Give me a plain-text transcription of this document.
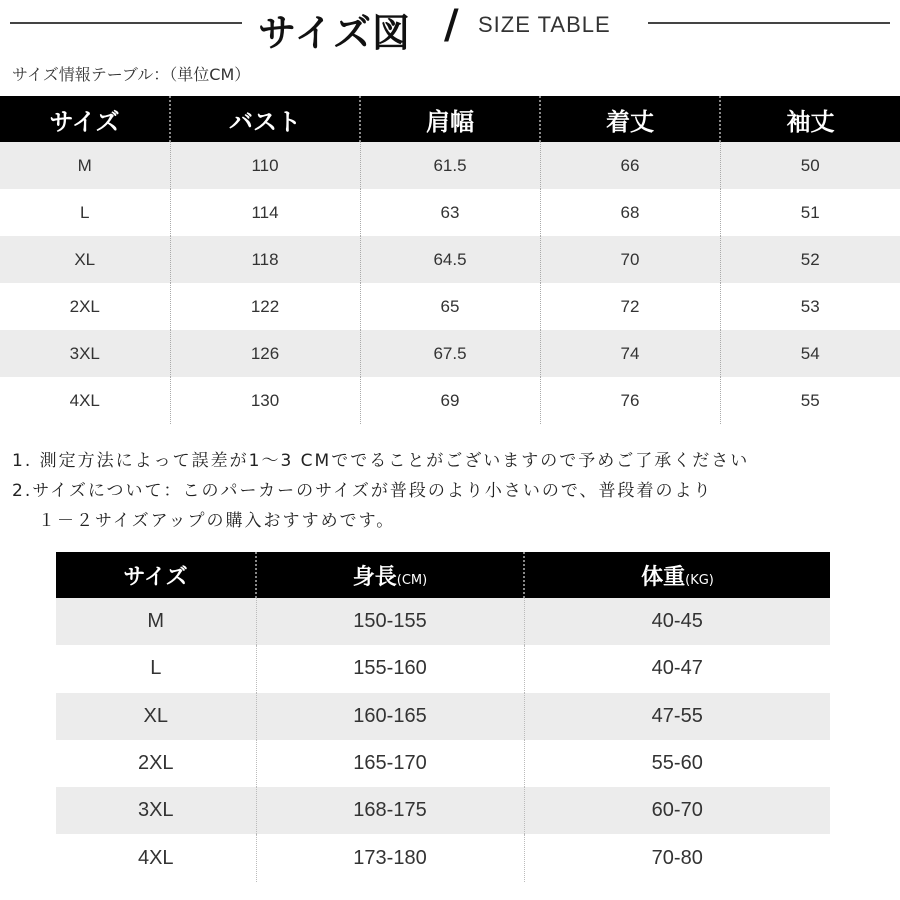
サイズ図 / SIZE TABLE
サイズ情報テーブル：（単位CM）
サイズ	バスト	肩幅	着丈	袖丈
M	110	61.5	66	50
L	114	63	68	51
XL	118	64.5	70	52
2XL	122	65	72	53
3XL	126	67.5	74	54
4XL	130	69	76	55
1. 測定方法によって誤差が1〜3 CMででることがございますので予めご了承ください
2.サイズについて：このパーカーのサイズが普段のより小さいので、普段着のより
１－２サイズアップの購入おすすめです。
サイズ	身長(CM)	体重(KG)
M	150-155	40-45
L	155-160	40-47
XL	160-165	47-55
2XL	165-170	55-60
3XL	168-175	60-70
4XL	173-180	70-80
